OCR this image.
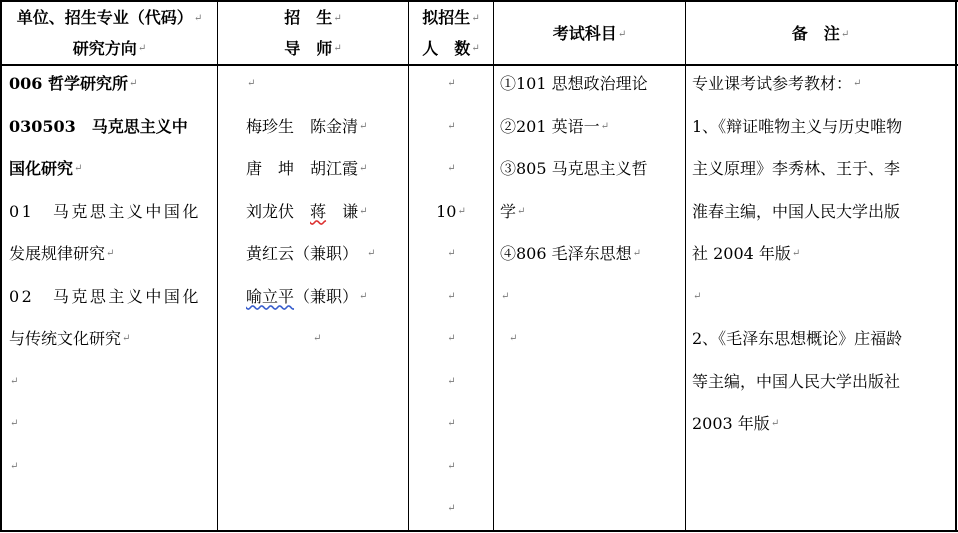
单位、招生专业（代码）↵
研究方向↵
招　生↵
导　师↵
拟招生↵
人　数↵
考试科目↵	备　注↵
006 哲学研究所↵
030503　马克思主义中
国化研究↵
01　马克思主义中国化
发展规律研究↵
02　马克思主义中国化
与传统文化研究↵
↵
↵
↵
↵
梅珍生　 陈金清↵
唐　坤　 胡江霞↵
刘龙伏　 蒋　 谦↵
黄红云（兼职）　 ↵
喻立平（兼职）↵
↵
↵
↵
↵
10↵
↵
↵
↵
↵
↵
↵
↵
①101 思想政治理论
②201 英语一↵
③805 马克思主义哲
学↵
④806 毛泽东思想↵
↵
↵
专业课考试参考教材：↵
1、《辩证唯物主义与历史唯物
主义原理》李秀林、王于、李
淮春主编，中国人民大学出版
社 2004 年版↵
↵
2、《毛泽东思想概论》庄福龄
等主编，中国人民大学出版社
2003 年版↵
